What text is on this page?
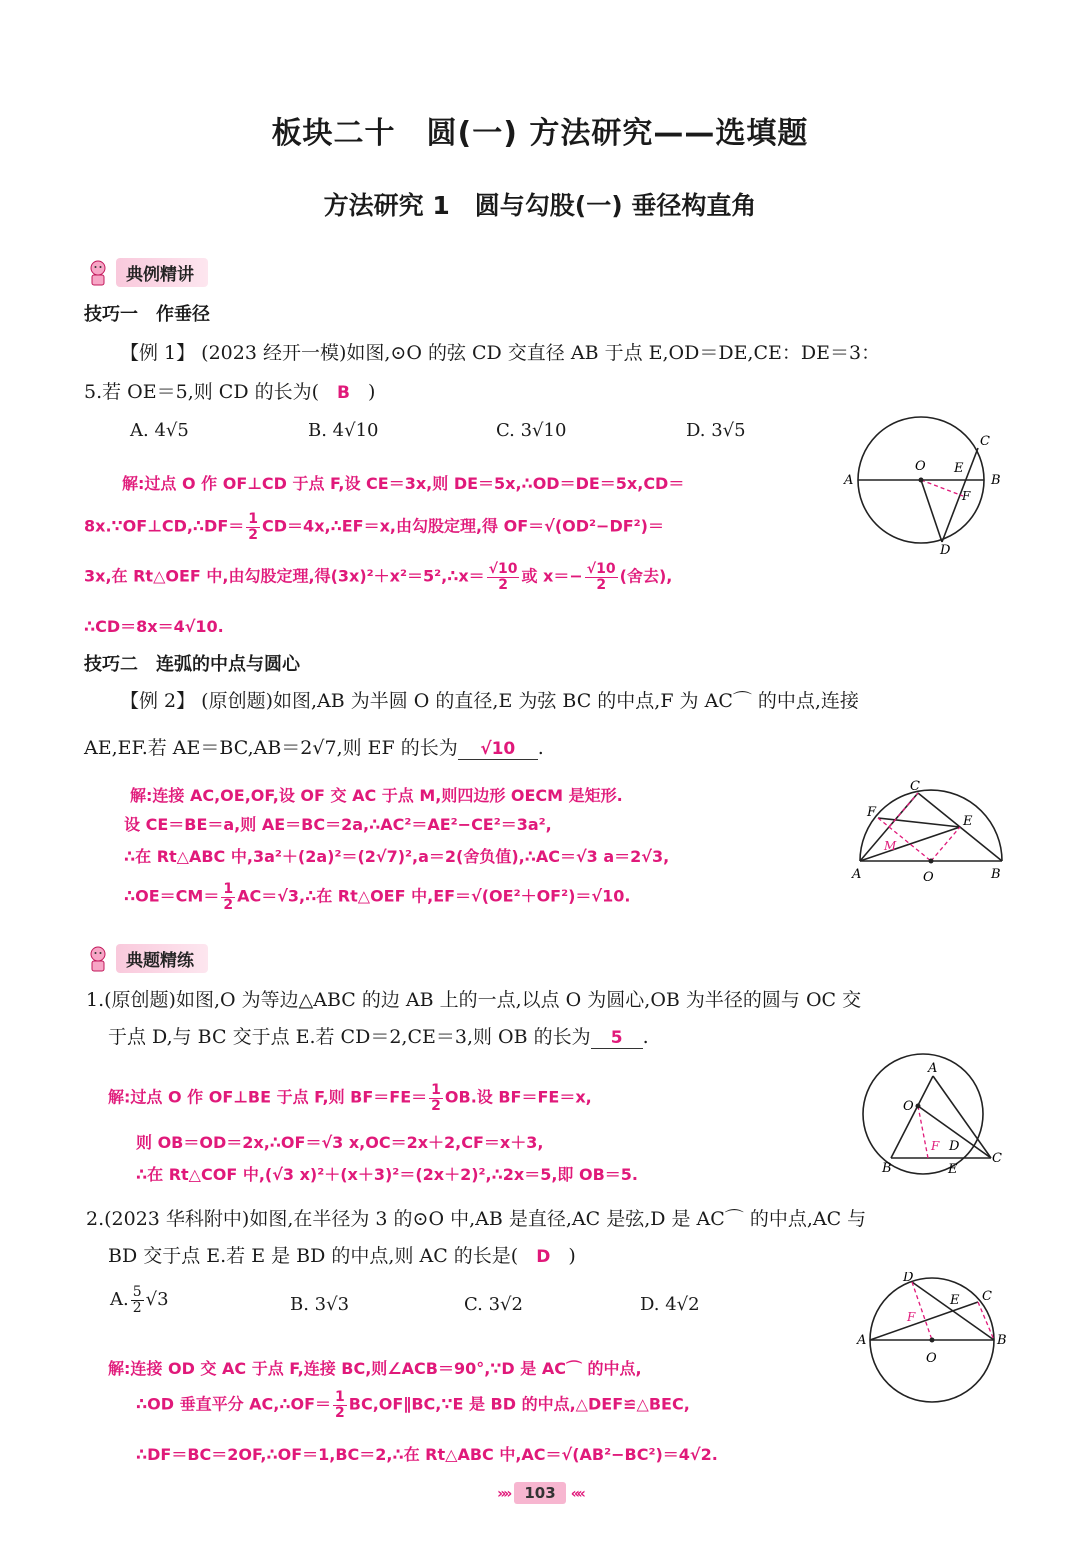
板块二十　圆(一) 方法研究——选填题
方法研究 1　圆与勾股(一) 垂径构直角
典例精讲
技巧一　作垂径
【例 1】 (2023 经开一模)如图,⊙O 的弦 CD 交直径 AB 于点 E,OD＝DE,CE：DE＝3：
5.若 OE＝5,则 CD 的长为( B )
A. 4√5	B. 4√10	C. 3√10	D. 3√5
解:过点 O 作 OF⊥CD 于点 F,设 CE＝3x,则 DE＝5x,∴OD＝DE＝5x,CD＝
8x.∵OF⊥CD,∴DF＝ $\frac{1}{2}$ CD＝4x,∴EF＝x,由勾股定理,得 OF＝√(OD²−DF²)＝
3x,在 Rt△OEF 中,由勾股定理,得(3x)²＋x²＝5²,∴x＝ $\frac{√10}{2}$ 或 $x=- \frac{√10}{2}$ (舍去),
∴CD＝8x＝4√10.
A	B
C
D
E
F
O
技巧二　连弧的中点与圆心
【例 2】 (原创题)如图,AB 为半圆 O 的直径,E 为弦 BC 的中点,F 为 AC⌒ 的中点,连接
AE,EF.若 AE＝BC,AB＝2√7,则 EF 的长为 √10 .
解:连接 AC,OE,OF,设 OF 交 AC 于点 M,则四边形 OECM 是矩形.
设 CE＝BE＝a,则 AE＝BC＝2a,∴AC²＝AE²−CE²＝3a²,
∴在 Rt△ABC 中,3a²＋(2a)²＝(2√7)²,a＝2(舍负值),∴AC＝√3 a＝2√3,
∴OE＝CM＝ $\frac{1}{2}$ AC＝√3,∴在 Rt△OEF 中,EF＝√(OE²＋OF²)＝√10.
A	B
C
E
F
M
O
典题精练
1.(原创题)如图,O 为等边△ABC 的边 AB 上的一点,以点 O 为圆心,OB 为半径的圆与 OC 交
于点 D,与 BC 交于点 E.若 CD＝2,CE＝3,则 OB 的长为 5 .
解:过点 O 作 OF⊥BE 于点 F,则 $BF=FE= \frac{1}{2}$ OB.设 BF＝FE＝x,
则 OB＝OD＝2x,∴OF＝√3 x,OC＝2x＋2,CF＝x＋3,
∴在 Rt△COF 中,(√3 x)²＋(x＋3)²＝(2x＋2)²,∴2x＝5,即 OB＝5.
A
B
C
D
E
F
O
2.(2023 华科附中)如图,在半径为 3 的⊙O 中,AB 是直径,AC 是弦,D 是 AC⌒ 的中点,AC 与
BD 交于点 E.若 E 是 BD 的中点,则 AC 的长是( D )
A. $\frac{5}{2} √3$	B. 3√3	C. 3√2	D. 4√2
解:连接 OD 交 AC 于点 F,连接 BC,则∠ACB＝90°,∵D 是 AC⌒ 的中点,
∴OD 垂直平分 AC,∴OF＝ $\frac{1}{2}$ BC,OF∥BC,∵E 是 BD 的中点,△DEF≌△BEC,
∴DF＝BC＝2OF,∴OF＝1,BC＝2,∴在 Rt△ABC 中,AC＝√(AB²−BC²)＝4√2.
A	B
C
D
E
F
O
»» 103 ««
